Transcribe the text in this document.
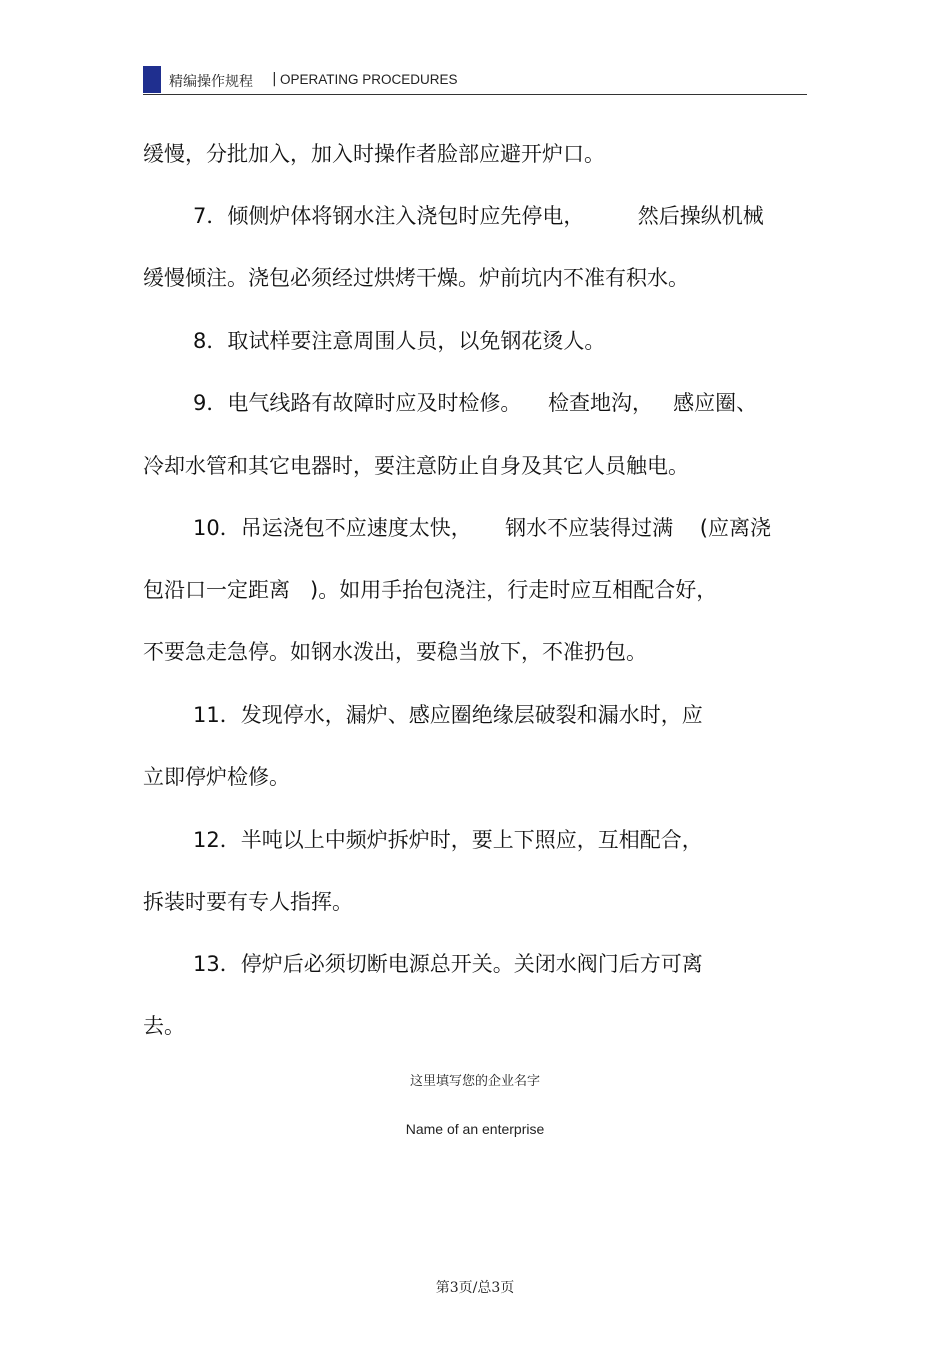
精编操作规程 | OPERATING PROCEDURES
缓慢，分批加入，加入时操作者脸部应避开炉口。
7．倾侧炉体将钢水注入浇包时应先停电，        然后操纵机械
缓慢倾注。浇包必须经过烘烤干燥。炉前坑内不准有积水。
8．取试样要注意周围人员，以免钢花烫人。
9．电气线路有故障时应及时检修。    检查地沟，   感应圈、
冷却水管和其它电器时，要注意防止自身及其它人员触电。
10．吊运浇包不应速度太快，     钢水不应装得过满    (应离浇
包沿口一定距离   )。如用手抬包浇注，行走时应互相配合好，
不要急走急停。如钢水泼出，要稳当放下，不准扔包。
11．发现停水，漏炉、感应圈绝缘层破裂和漏水时，应
立即停炉检修。
12．半吨以上中频炉拆炉时，要上下照应，互相配合，
拆装时要有专人指挥。
13．停炉后必须切断电源总开关。关闭水阀门后方可离
去。
这里填写您的企业名字
Name of an enterprise
第3页/总3页
